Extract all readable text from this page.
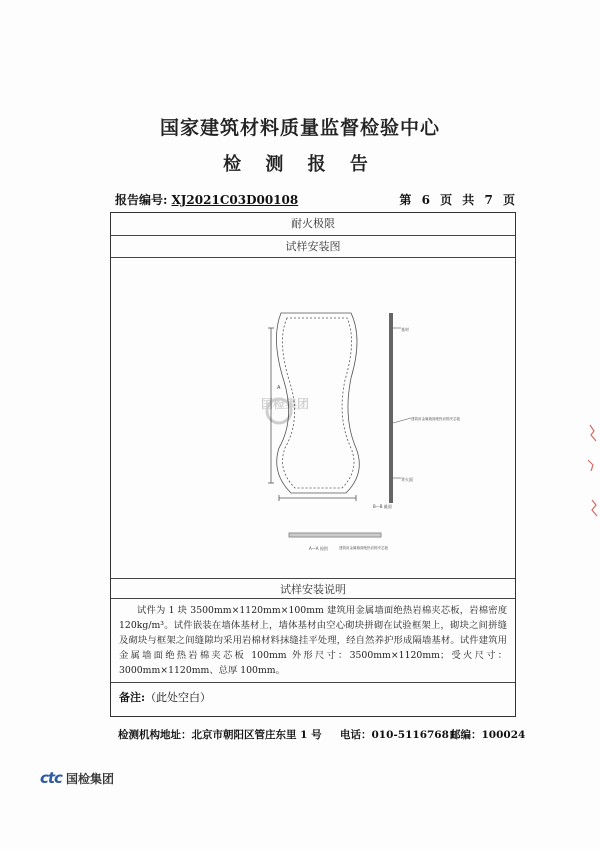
国家建筑材料质量监督检验中心
检 测 报 告
报告编号: XJ2021C03D00108	第 6 页 共 7 页
耐火极限
试样安装图
基材
建筑用金属墙面绝热岩棉夹芯板
背火面
B—B 截面
A—A 视图	建筑用金属墙面绝热岩棉夹芯板
A
国检集团
试样安装说明
试件为 1 块 3500mm×1120mm×100mm 建筑用金属墙面绝热岩棉夹芯板，岩棉密度 120kg/m³。试件嵌装在墙体基材上，墙体基材由空心砌块拼砌在试验框架上，砌块之间拼缝及砌块与框架之间缝隙均采用岩棉材料抹缝挂平处理，经自然养护形成隔墙基材。试件建筑用金属墙面绝热岩棉夹芯板 100mm 外形尺寸：3500mm×1120mm；受火尺寸：3000mm×1120mm、总厚 100mm。
备注:（此处空白）
检测机构地址：北京市朝阳区管庄东里 1 号 电话：010-51167681
邮编：100024
ctc 国检集团
